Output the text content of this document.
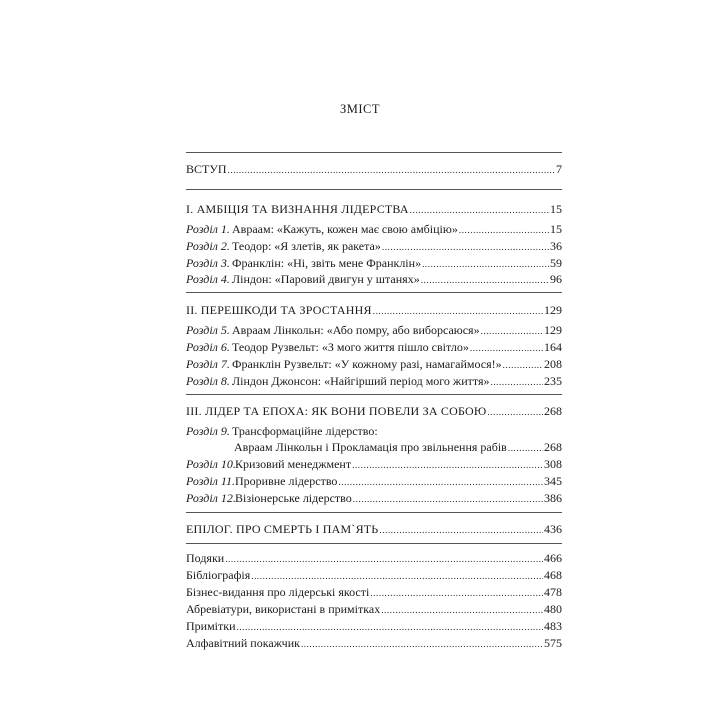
ЗМІСТ
ВСТУП .....	7
І. АМБІЦІЯ ТА ВИЗНАННЯ ЛІДЕРСТВА .....	15
Розділ 1. Авраам: «Кажуть, кожен має свою амбіцію» .....	15
Розділ 2. Теодор: «Я злетів, як ракета» .....	36
Розділ 3. Франклін: «Ні, звіть мене Франклін» .....	59
Розділ 4. Ліндон: «Паровий двигун у штанях» .....	96
ІІ. ПЕРЕШКОДИ ТА ЗРОСТАННЯ .....	129
Розділ 5. Авраам Лінкольн: «Або помру, або виборсаюся» .....	129
Розділ 6. Теодор Рузвельт: «З мого життя пішло світло» .....	164
Розділ 7. Франклін Рузвельт: «У кожному разі, намагаймося!» .....	208
Розділ 8. Ліндон Джонсон: «Найгірший період мого життя» .....	235
ІІІ. ЛІДЕР ТА ЕПОХА: ЯК ВОНИ ПОВЕЛИ ЗА СОБОЮ .....	268
Розділ 9. Трансформаційне лідерство:
Авраам Лінкольн і Прокламація про звільнення рабів .....	268
Розділ 10. Кризовий менеджмент .....	308
Розділ 11. Проривне лідерство .....	345
Розділ 12. Візіонерське лідерство .....	386
ЕПІЛОГ. ПРО СМЕРТЬ І ПАМ`ЯТЬ .....	436
Подяки .....	466
Бібліографія .....	468
Бізнес-видання про лідерські якості .....	478
Абревіатури, використані в примітках .....	480
Примітки .....	483
Алфавітний покажчик .....	575
